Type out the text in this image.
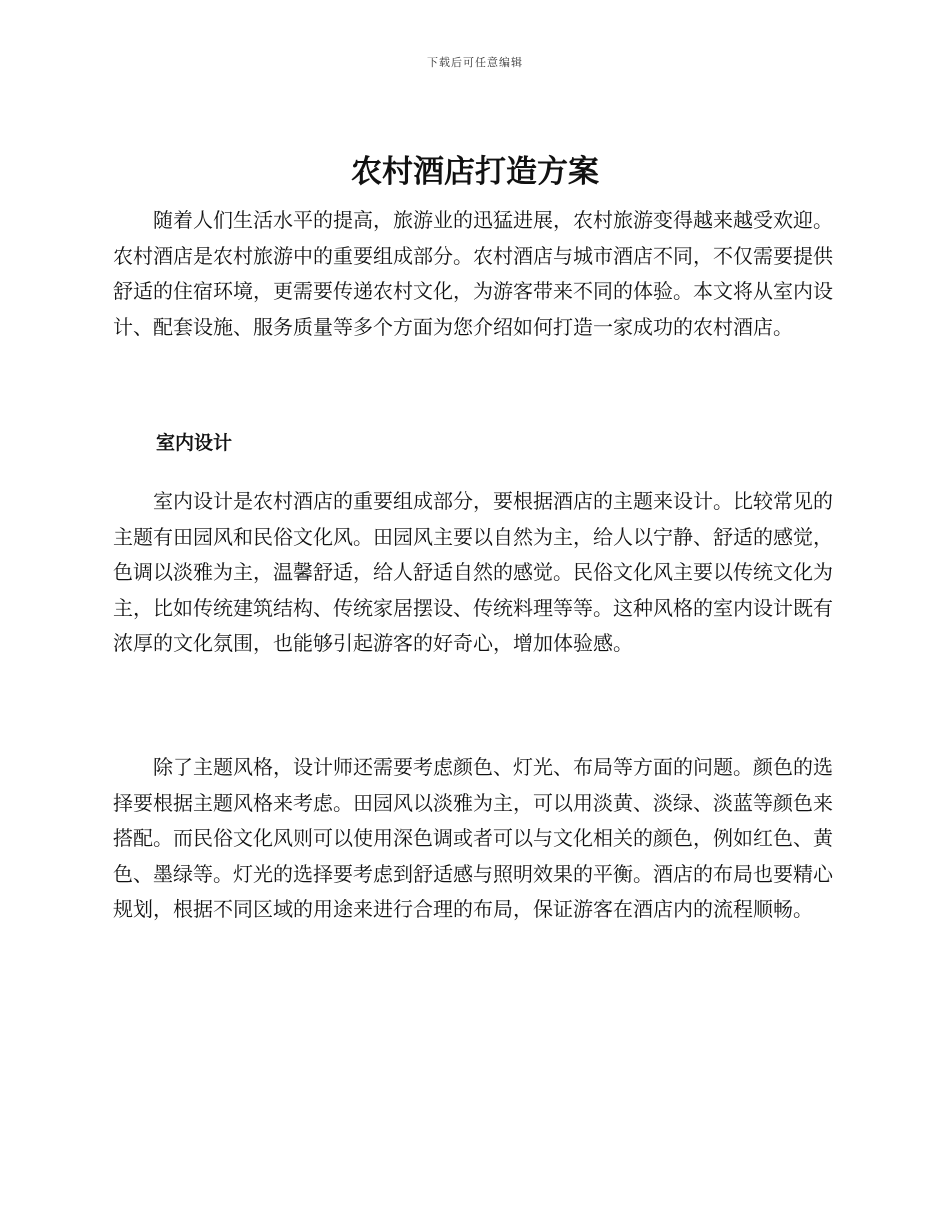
下载后可任意编辑
农村酒店打造方案

随着人们生活水平的提高，旅游业的迅猛进展，农村旅游变得越来越受欢迎。农村酒店是农村旅游中的重要组成部分。农村酒店与城市酒店不同，不仅需要提供舒适的住宿环境，更需要传递农村文化，为游客带来不同的体验。本文将从室内设计、配套设施、服务质量等多个方面为您介绍如何打造一家成功的农村酒店。

室内设计

室内设计是农村酒店的重要组成部分，要根据酒店的主题来设计。比较常见的主题有田园风和民俗文化风。田园风主要以自然为主，给人以宁静、舒适的感觉，色调以淡雅为主，温馨舒适，给人舒适自然的感觉。民俗文化风主要以传统文化为主，比如传统建筑结构、传统家居摆设、传统料理等等。这种风格的室内设计既有浓厚的文化氛围，也能够引起游客的好奇心，增加体验感。

除了主题风格，设计师还需要考虑颜色、灯光、布局等方面的问题。颜色的选择要根据主题风格来考虑。田园风以淡雅为主，可以用淡黄、淡绿、淡蓝等颜色来搭配。而民俗文化风则可以使用深色调或者可以与文化相关的颜色，例如红色、黄色、墨绿等。灯光的选择要考虑到舒适感与照明效果的平衡。酒店的布局也要精心规划，根据不同区域的用途来进行合理的布局，保证游客在酒店内的流程顺畅。
